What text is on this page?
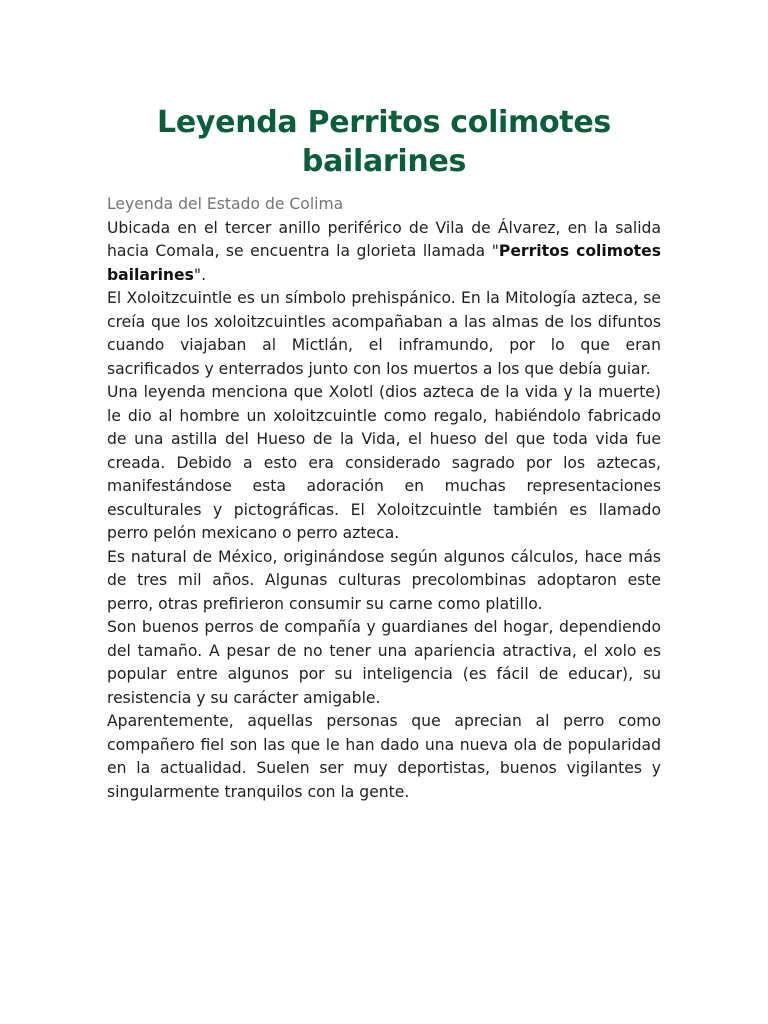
Leyenda Perritos colimotes bailarines

Leyenda del Estado de Colima

Ubicada en el tercer anillo periférico de Vila de Álvarez, en la salida hacia Comala, se encuentra la glorieta llamada "Perritos colimotes bailarines".

El Xoloitzcuintle es un símbolo prehispánico. En la Mitología azteca, se creía que los xoloitzcuintles acompañaban a las almas de los difuntos cuando viajaban al Mictlán, el inframundo, por lo que eran sacrificados y enterrados junto con los muertos a los que debía guiar.

Una leyenda menciona que Xolotl (dios azteca de la vida y la muerte) le dio al hombre un xoloitzcuintle como regalo, habiéndolo fabricado de una astilla del Hueso de la Vida, el hueso del que toda vida fue creada. Debido a esto era considerado sagrado por los aztecas, manifestándose esta adoración en muchas representaciones esculturales y pictográficas. El Xoloitzcuintle también es llamado perro pelón mexicano o perro azteca.

Es natural de México, originándose según algunos cálculos, hace más de tres mil años. Algunas culturas precolombinas adoptaron este perro, otras prefirieron consumir su carne como platillo.

Son buenos perros de compañía y guardianes del hogar, dependiendo del tamaño. A pesar de no tener una apariencia atractiva, el xolo es popular entre algunos por su inteligencia (es fácil de educar), su resistencia y su carácter amigable.

Aparentemente, aquellas personas que aprecian al perro como compañero fiel son las que le han dado una nueva ola de popularidad en la actualidad. Suelen ser muy deportistas, buenos vigilantes y singularmente tranquilos con la gente.
